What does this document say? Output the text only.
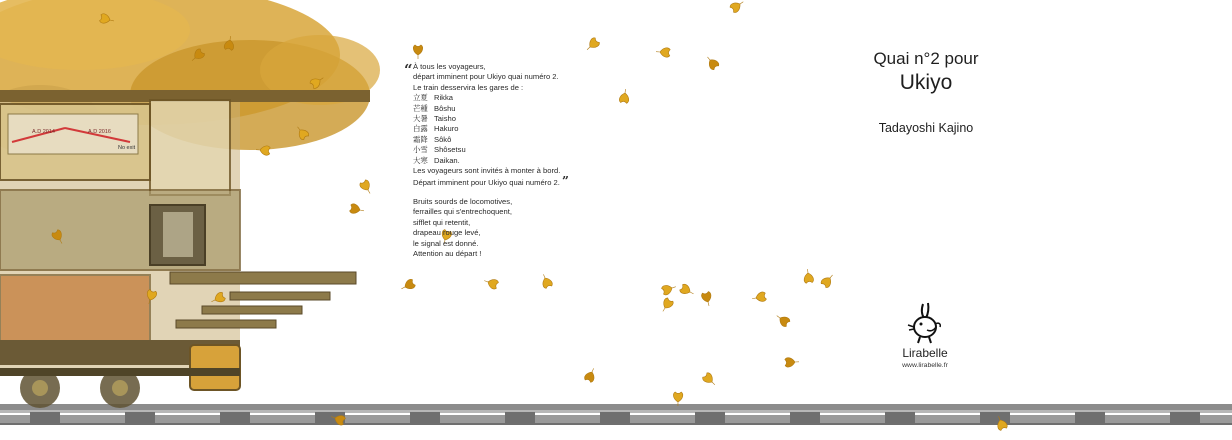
A.D 2014	A.D 2016
No exit
“ À tous les voyageurs,
départ imminent pour Ukiyo quai numéro 2.
Le train desservira les gares de :
立夏 Rikka
芒種 Bôshu
大暑 Taisho
白露 Hakuro
霜降 Sôkô
小雪 Shôsetsu
大寒 Daikan.
Les voyageurs sont invités à monter à bord.
Départ imminent pour Ukiyo quai numéro 2. ”
Bruits sourds de locomotives,
ferrailles qui s'entrechoquent,
sifflet qui retentit,
drapeau rouge levé,
le signal est donné.
Attention au départ !
Quai n°2 pour
Ukiyo
Tadayoshi Kajino
Lirabelle
www.lirabelle.fr
